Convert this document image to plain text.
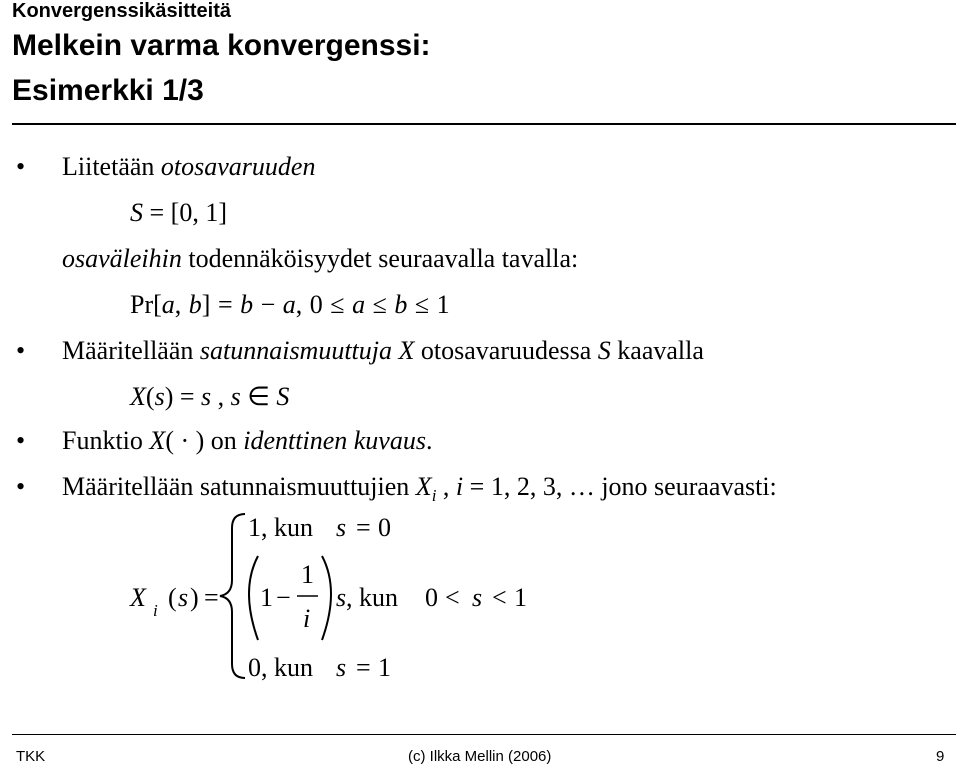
Konvergenssikäsitteitä
Melkein varma konvergenssi:
Esimerkki 1/3
• Liitetään otosavaruuden
S = [0, 1]
osaväleihin todennäköisyydet seuraavalla tavalla:
Pr[a, b] = b − a, 0 ≤ a ≤ b ≤ 1
• Määritellään satunnaismuuttuja X otosavaruudessa S kaavalla
X(s) = s , s ∈ S
• Funktio X( · ) on identtinen kuvaus.
• Määritellään satunnaismuuttujien $X_i$ , i = 1, 2, 3, … jono seuraavasti:
X i ( s ) =
1 , kun s = 0
1 −
1
i
s , kun 0 < s < 1
0 , kun s = 1
TKK	(c) Ilkka Mellin (2006)	9
